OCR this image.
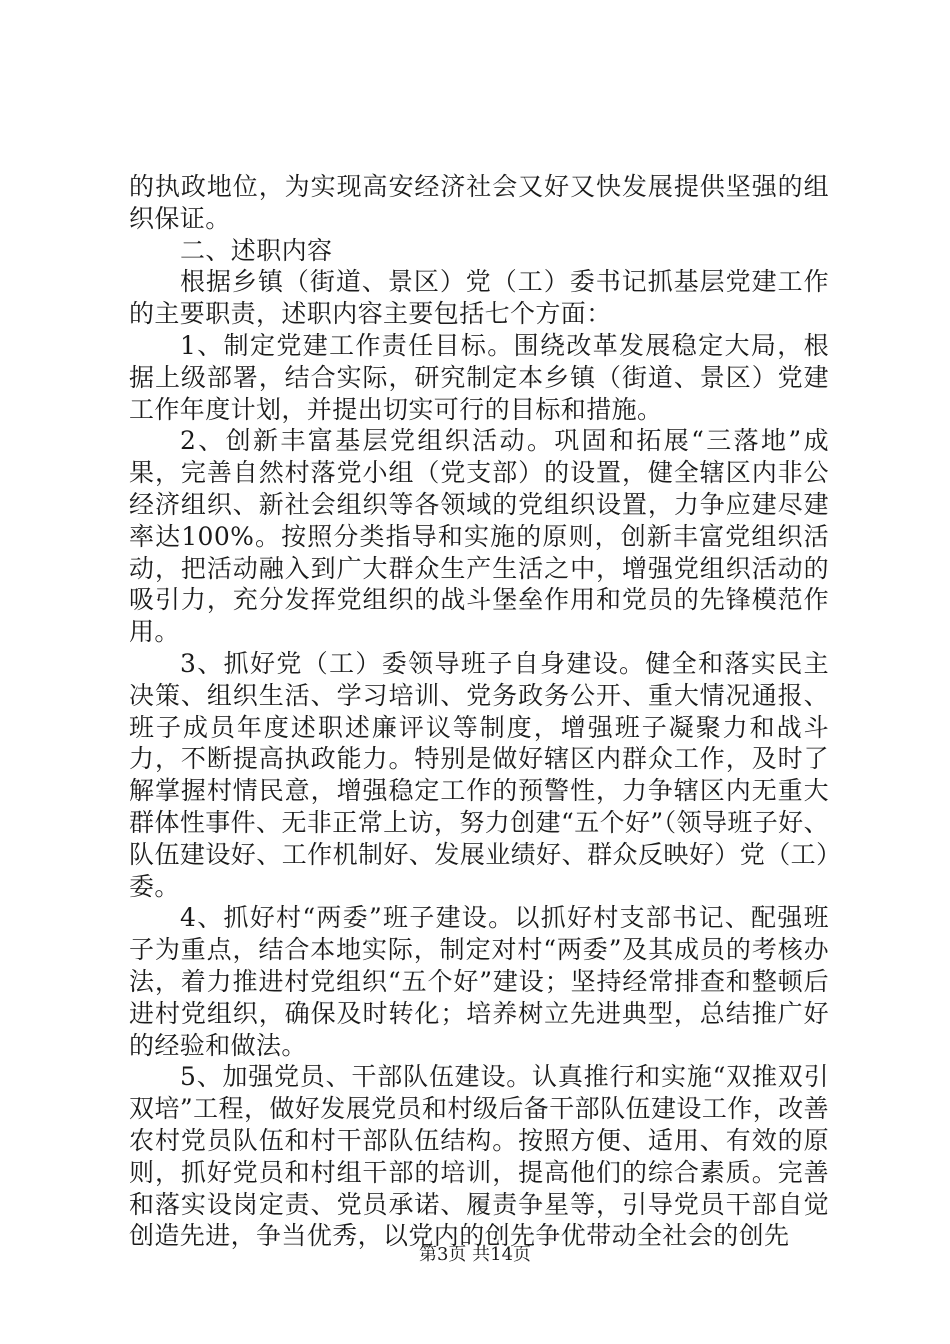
的执政地位，为实现高安经济社会又好又快发展提供坚强的组织保证。

二、述职内容

根据乡镇（街道、景区）党（工）委书记抓基层党建工作的主要职责，述职内容主要包括七个方面：

1、制定党建工作责任目标。围绕改革发展稳定大局，根据上级部署，结合实际，研究制定本乡镇（街道、景区）党建工作年度计划，并提出切实可行的目标和措施。

2、创新丰富基层党组织活动。巩固和拓展“三落地”成果，完善自然村落党小组（党支部）的设置，健全辖区内非公经济组织、新社会组织等各领域的党组织设置，力争应建尽建率达100%。按照分类指导和实施的原则，创新丰富党组织活动，把活动融入到广大群众生产生活之中，增强党组织活动的吸引力，充分发挥党组织的战斗堡垒作用和党员的先锋模范作用。

3、抓好党（工）委领导班子自身建设。健全和落实民主决策、组织生活、学习培训、党务政务公开、重大情况通报、班子成员年度述职述廉评议等制度，增强班子凝聚力和战斗力，不断提高执政能力。特别是做好辖区内群众工作，及时了解掌握村情民意，增强稳定工作的预警性，力争辖区内无重大群体性事件、无非正常上访，努力创建“五个好”（领导班子好、队伍建设好、工作机制好、发展业绩好、群众反映好）党（工）委。

4、抓好村“两委”班子建设。以抓好村支部书记、配强班子为重点，结合本地实际，制定对村“两委”及其成员的考核办法，着力推进村党组织“五个好”建设；坚持经常排查和整顿后进村党组织，确保及时转化；培养树立先进典型，总结推广好的经验和做法。

5、加强党员、干部队伍建设。认真推行和实施“双推双引双培”工程，做好发展党员和村级后备干部队伍建设工作，改善农村党员队伍和村干部队伍结构。按照方便、适用、有效的原则，抓好党员和村组干部的培训，提高他们的综合素质。完善和落实设岗定责、党员承诺、履责争星等，引导党员干部自觉创造先进，争当优秀，以党内的创先争优带动全社会的创先

第3页 共14页
